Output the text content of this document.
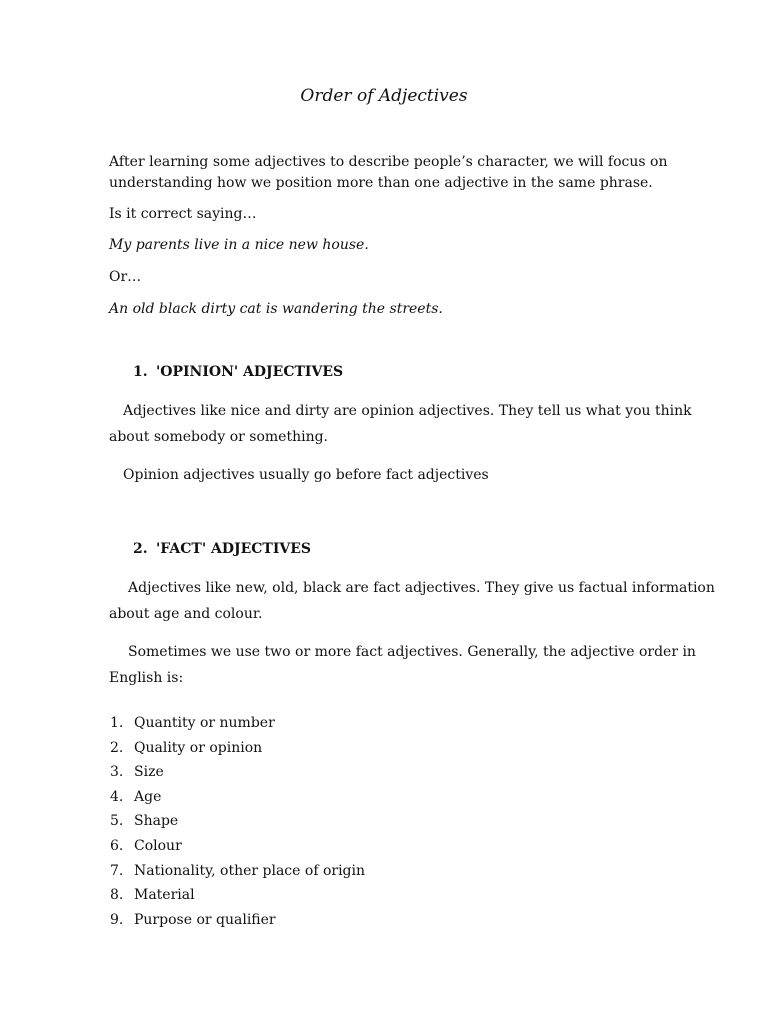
Order of Adjectives
After learning some adjectives to describe people’s character, we will focus on
understanding how we position more than one adjective in the same phrase.
Is it correct saying…
My parents live in a nice new house.
Or…
An old black dirty cat is wandering the streets.
1. 'OPINION' ADJECTIVES
Adjectives like nice and dirty are opinion adjectives. They tell us what you think
about somebody or something.
Opinion adjectives usually go before fact adjectives
2. 'FACT' ADJECTIVES
Adjectives like new, old, black are fact adjectives. They give us factual information
about age and colour.
Sometimes we use two or more fact adjectives. Generally, the adjective order in
English is:
1. Quantity or number
2. Quality or opinion
3. Size
4. Age
5. Shape
6. Colour
7. Nationality, other place of origin
8. Material
9. Purpose or qualifier
